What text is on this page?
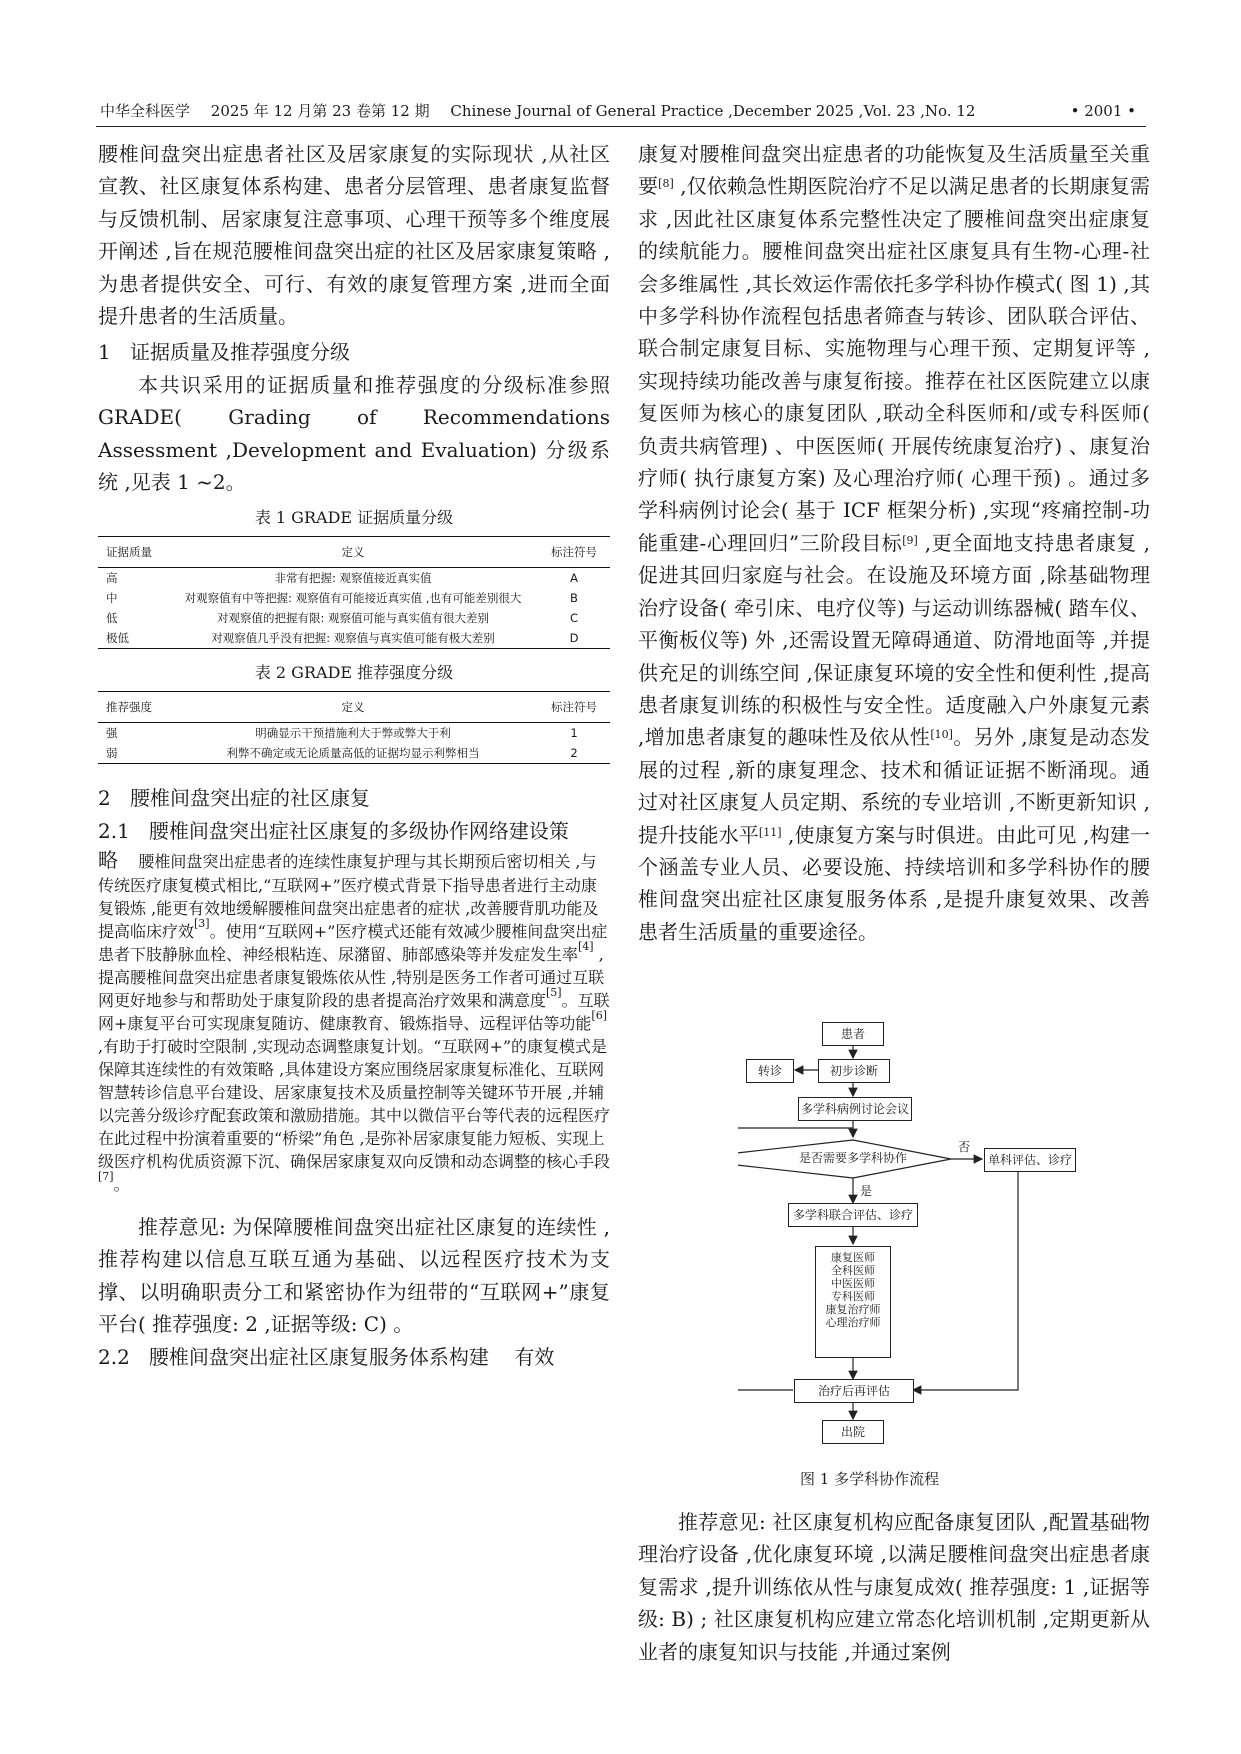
中华全科医学 2025 年 12 月第 23 卷第 12 期 Chinese Journal of General Practice ,December 2025 ,Vol. 23 ,No. 12	• 2001 •

腰椎间盘突出症患者社区及居家康复的实际现状 ,从社区宣教、社区康复体系构建、患者分层管理、患者康复监督与反馈机制、居家康复注意事项、心理干预等多个维度展开阐述 ,旨在规范腰椎间盘突出症的社区及居家康复策略 ,为患者提供安全、可行、有效的康复管理方案 ,进而全面提升患者的生活质量。

1 证据质量及推荐强度分级

本共识采用的证据质量和推荐强度的分级标准参照 GRADE( Grading of Recommendations Assessment ,Development and Evaluation) 分级系统 ,见表 1 ~2。

表 1 GRADE 证据质量分级
证据质量	定义	标注符号
高	非常有把握: 观察值接近真实值	A
中	对观察值有中等把握: 观察值有可能接近真实值 ,也有可能差别很大	B
低	对观察值的把握有限: 观察值可能与真实值有很大差别	C
极低	对观察值几乎没有把握: 观察值与真实值可能有极大差别	D
表 2 GRADE 推荐强度分级
推荐强度	定义	标注符号
强	明确显示干预措施利大于弊或弊大于利	1
弱	利弊不确定或无论质量高低的证据均显示利弊相当	2
2 腰椎间盘突出症的社区康复

2.1 腰椎间盘突出症社区康复的多级协作网络建设策略 腰椎间盘突出症患者的连续性康复护理与其长期预后密切相关 ,与传统医疗康复模式相比,“互联网+”医疗模式背景下指导患者进行主动康复锻炼 ,能更有效地缓解腰椎间盘突出症患者的症状 ,改善腰背肌功能及提高临床疗效[3]。使用“互联网+”医疗模式还能有效减少腰椎间盘突出症患者下肢静脉血栓、神经根粘连、尿潴留、肺部感染等并发症发生率[4] ,提高腰椎间盘突出症患者康复锻炼依从性 ,特别是医务工作者可通过互联网更好地参与和帮助处于康复阶段的患者提高治疗效果和满意度[5]。互联网+康复平台可实现康复随访、健康教育、锻炼指导、远程评估等功能[6] ,有助于打破时空限制 ,实现动态调整康复计划。“互联网+”的康复模式是保障其连续性的有效策略 ,具体建设方案应围绕居家康复标准化、互联网智慧转诊信息平台建设、居家康复技术及质量控制等关键环节开展 ,并辅以完善分级诊疗配套政策和激励措施。其中以微信平台等代表的远程医疗在此过程中扮演着重要的“桥梁”角色 ,是弥补居家康复能力短板、实现上级医疗机构优质资源下沉、确保居家康复双向反馈和动态调整的核心手段[7]。

推荐意见: 为保障腰椎间盘突出症社区康复的连续性 ,推荐构建以信息互联互通为基础、以远程医疗技术为支撑、以明确职责分工和紧密协作为纽带的“互联网+”康复平台( 推荐强度: 2 ,证据等级: C) 。

2.2 腰椎间盘突出症社区康复服务体系构建 有效

康复对腰椎间盘突出症患者的功能恢复及生活质量至关重要[8] ,仅依赖急性期医院治疗不足以满足患者的长期康复需求 ,因此社区康复体系完整性决定了腰椎间盘突出症康复的续航能力。腰椎间盘突出症社区康复具有生物-心理-社会多维属性 ,其长效运作需依托多学科协作模式( 图 1) ,其中多学科协作流程包括患者筛查与转诊、团队联合评估、联合制定康复目标、实施物理与心理干预、定期复评等 ,实现持续功能改善与康复衔接。推荐在社区医院建立以康复医师为核心的康复团队 ,联动全科医师和/或专科医师( 负责共病管理) 、中医医师( 开展传统康复治疗) 、康复治疗师( 执行康复方案) 及心理治疗师( 心理干预) 。通过多学科病例讨论会( 基于 ICF 框架分析) ,实现“疼痛控制-功能重建-心理回归”三阶段目标[9] ,更全面地支持患者康复 ,促进其回归家庭与社会。在设施及环境方面 ,除基础物理治疗设备( 牵引床、电疗仪等) 与运动训练器械( 踏车仪、平衡板仪等) 外 ,还需设置无障碍通道、防滑地面等 ,并提供充足的训练空间 ,保证康复环境的安全性和便利性 ,提高患者康复训练的积极性与安全性。适度融入户外康复元素 ,增加患者康复的趣味性及依从性[10]。另外 ,康复是动态发展的过程 ,新的康复理念、技术和循证证据不断涌现。通过对社区康复人员定期、系统的专业培训 ,不断更新知识 ,提升技能水平[11] ,使康复方案与时俱进。由此可见 ,构建一个涵盖专业人员、必要设施、持续培训和多学科协作的腰椎间盘突出症社区康复服务体系 ,是提升康复效果、改善患者生活质量的重要途径。

患者
转诊	初步诊断
多学科病例讨论会议
是否需要多学科协作
否
是
单科评估、诊疗
多学科联合评估、诊疗
康复医师
全科医师
中医医师
专科医师
康复治疗师
心理治疗师
治疗后再评估
出院
图 1 多学科协作流程

推荐意见: 社区康复机构应配备康复团队 ,配置基础物理治疗设备 ,优化康复环境 ,以满足腰椎间盘突出症患者康复需求 ,提升训练依从性与康复成效( 推荐强度: 1 ,证据等级: B) ; 社区康复机构应建立常态化培训机制 ,定期更新从业者的康复知识与技能 ,并通过案例
